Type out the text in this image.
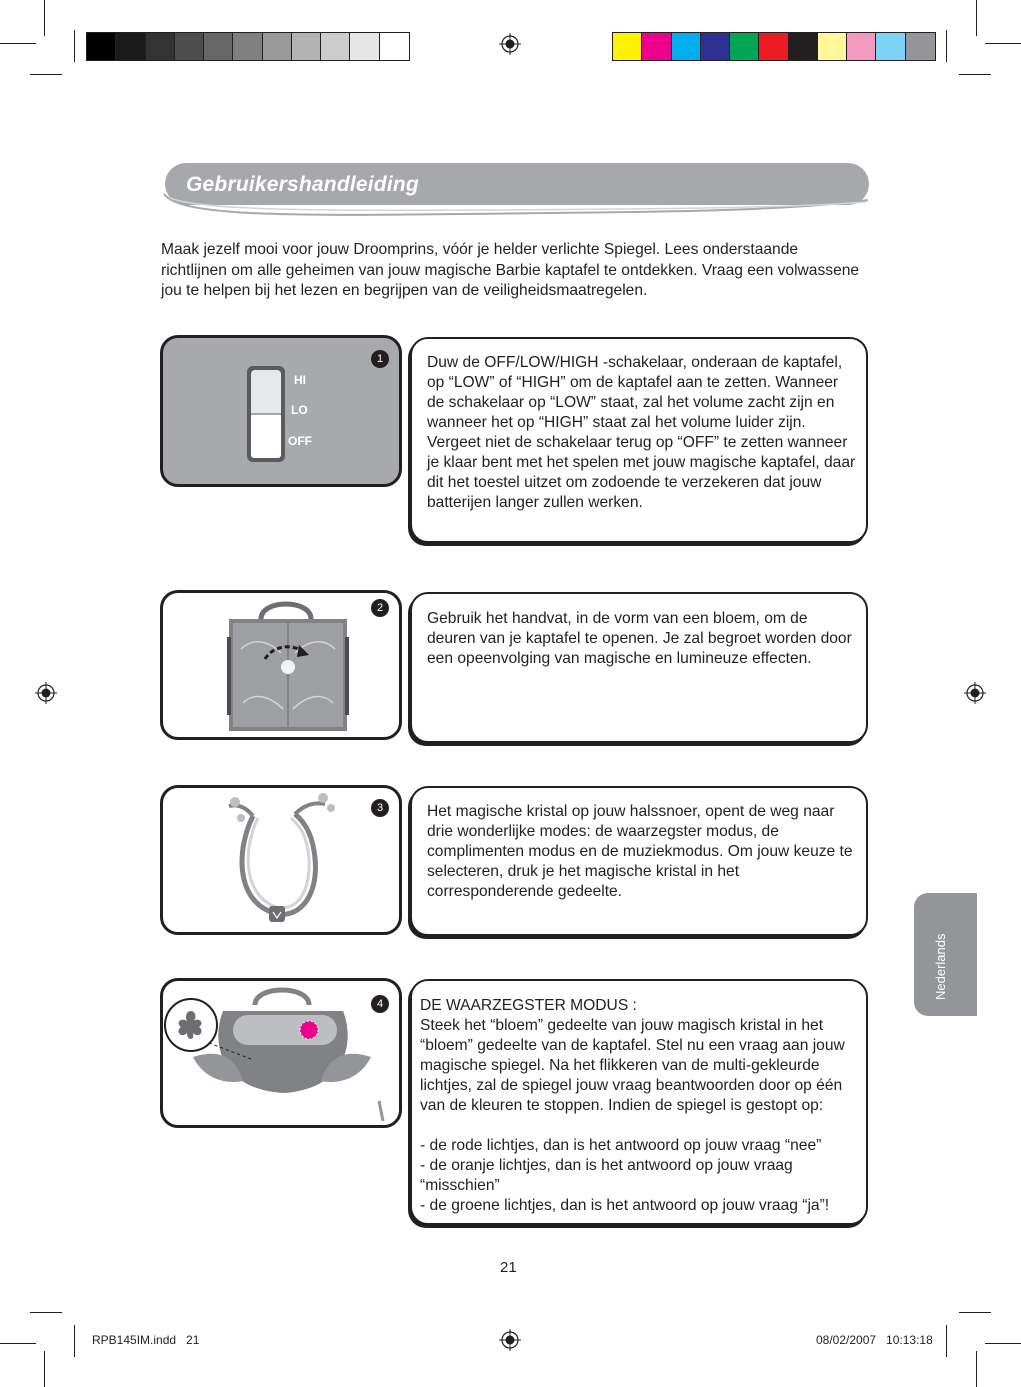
Gebruikershandleiding
Maak jezelf mooi voor jouw Droomprins, vóór je helder verlichte Spiegel. Lees onderstaande richtlijnen om alle geheimen van jouw magische Barbie kaptafel te ontdekken. Vraag een volwassene jou te helpen bij het lezen en begrijpen van de veiligheidsmaatregelen.
HI
LO
OFF
1	Duw de OFF/LOW/HIGH -schakelaar, onderaan de kaptafel, op “LOW” of “HIGH” om de kaptafel aan te zetten. Wanneer de schakelaar op “LOW” staat, zal het volume zacht zijn en wanneer het op “HIGH” staat zal het volume luider zijn. Vergeet niet de schakelaar terug op “OFF” te zetten wanneer je klaar bent met het spelen met jouw magische kaptafel, daar dit het toestel uitzet om zodoende te verzekeren dat jouw batterijen langer zullen werken.
2
Gebruik het handvat, in de vorm van een bloem, om de deuren van je kaptafel te openen. Je zal begroet worden door een opeenvolging van magische en lumineuze effecten.
3	Het magische kristal op jouw halssnoer, opent de weg naar drie wonderlijke modes: de waarzegster modus, de complimenten modus en de muziekmodus. Om jouw keuze te selecteren, druk je het magische kristal in het corresponderende gedeelte.
4	DE WAARZEGSTER MODUS :
Steek het “bloem” gedeelte van jouw magisch kristal in het “bloem” gedeelte van de kaptafel. Stel nu een vraag aan jouw magische spiegel. Na het flikkeren van de multi-gekleurde lichtjes, zal de spiegel jouw vraag beantwoorden door op één van de kleuren te stoppen. Indien de spiegel is gestopt op:
- de rode lichtjes, dan is het antwoord op jouw vraag “nee”
- de oranje lichtjes, dan is het antwoord op jouw vraag “misschien”
- de groene lichtjes, dan is het antwoord op jouw vraag “ja”!
Nederlands
21
RPB145IM.indd   21	08/02/2007   10:13:18
